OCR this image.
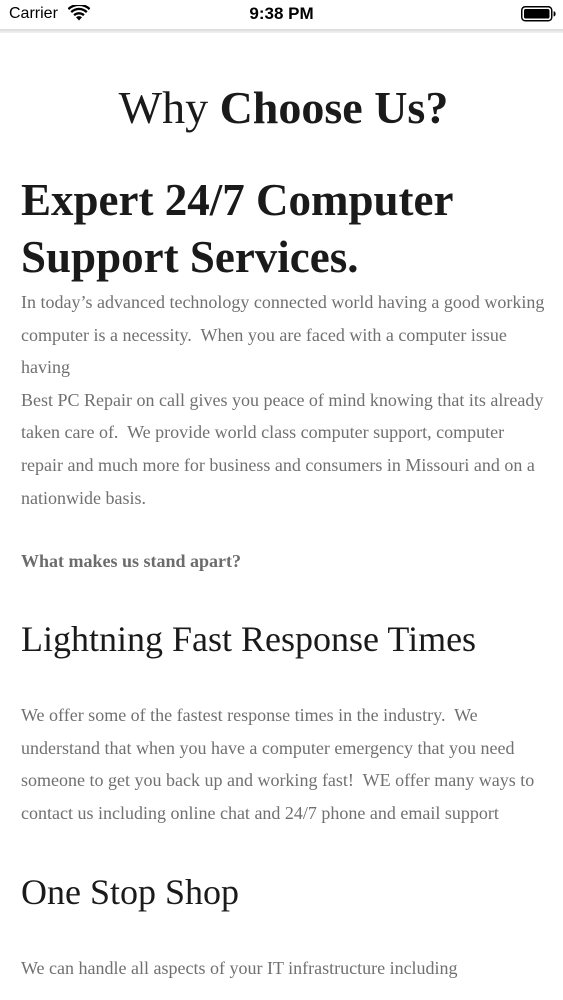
Carrier	9:38 PM
Why Choose Us?
Expert 24/7 Computer Support Services.

In today’s advanced technology connected world having a good working computer is a necessity.  When you are faced with a computer issue having

Best PC Repair on call gives you peace of mind knowing that its already taken care of.  We provide world class computer support, computer repair and much more for business and consumers in Missouri and on a nationwide basis.

What makes us stand apart?

Lightning Fast Response Times

We offer some of the fastest response times in the industry.  We understand that when you have a computer emergency that you need someone to get you back up and working fast!  WE offer many ways to contact us including online chat and 24/7 phone and email support

One Stop Shop

We can handle all aspects of your IT infrastructure including
